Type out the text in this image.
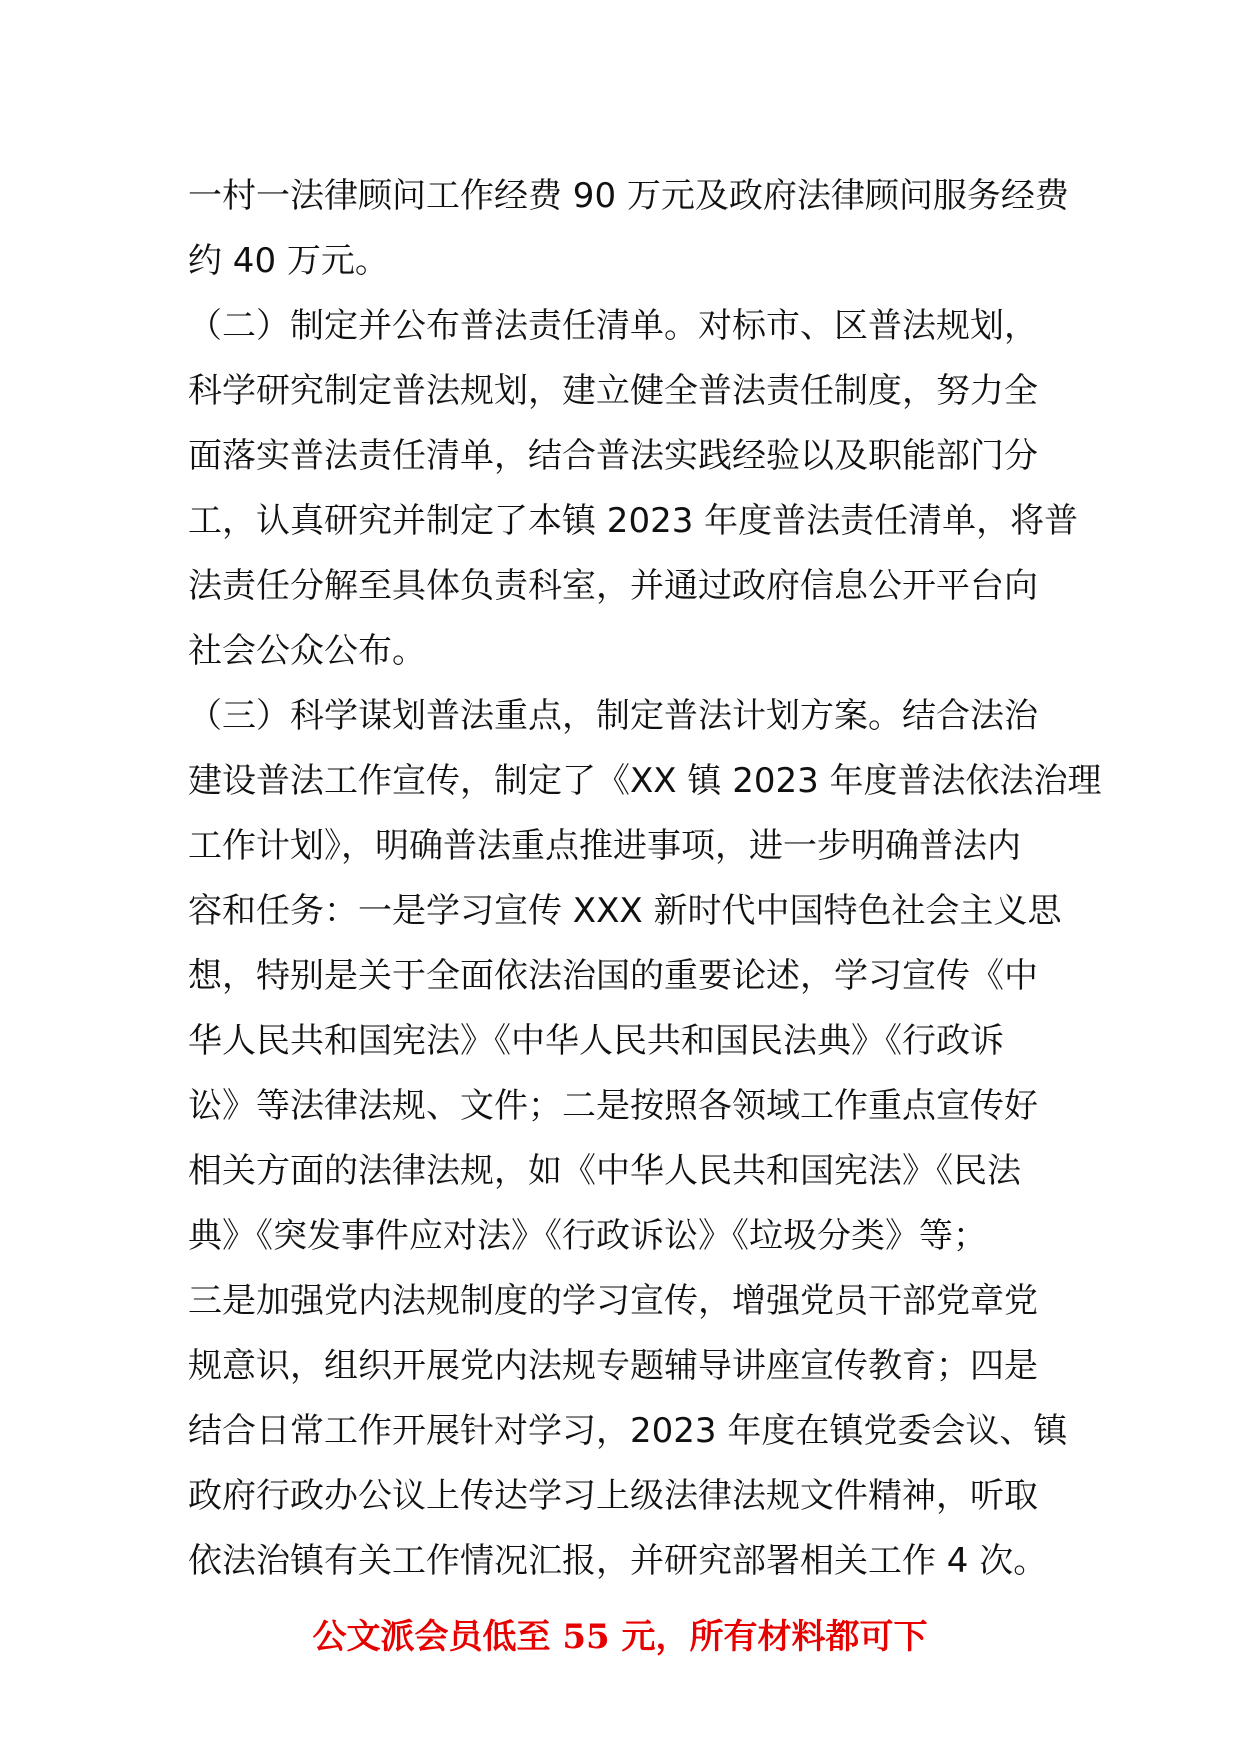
一村一法律顾问工作经费 90 万元及政府法律顾问服务经费
约 40 万元。
（二）制定并公布普法责任清单。对标市、区普法规划，
科学研究制定普法规划，建立健全普法责任制度，努力全
面落实普法责任清单，结合普法实践经验以及职能部门分
工，认真研究并制定了本镇 2023 年度普法责任清单，将普
法责任分解至具体负责科室，并通过政府信息公开平台向
社会公众公布。
（三）科学谋划普法重点，制定普法计划方案。结合法治
建设普法工作宣传，制定了《XX 镇 2023 年度普法依法治理
工作计划》，明确普法重点推进事项，进一步明确普法内
容和任务：一是学习宣传 XXX 新时代中国特色社会主义思
想，特别是关于全面依法治国的重要论述，学习宣传《中
华人民共和国宪法》《中华人民共和国民法典》《行政诉
讼》等法律法规、文件；二是按照各领域工作重点宣传好
相关方面的法律法规，如《中华人民共和国宪法》《民法
典》《突发事件应对法》《行政诉讼》《垃圾分类》等；
三是加强党内法规制度的学习宣传，增强党员干部党章党
规意识，组织开展党内法规专题辅导讲座宣传教育；四是
结合日常工作开展针对学习，2023 年度在镇党委会议、镇
政府行政办公议上传达学习上级法律法规文件精神，听取
依法治镇有关工作情况汇报，并研究部署相关工作 4 次。
公文派会员低至 55 元，所有材料都可下
